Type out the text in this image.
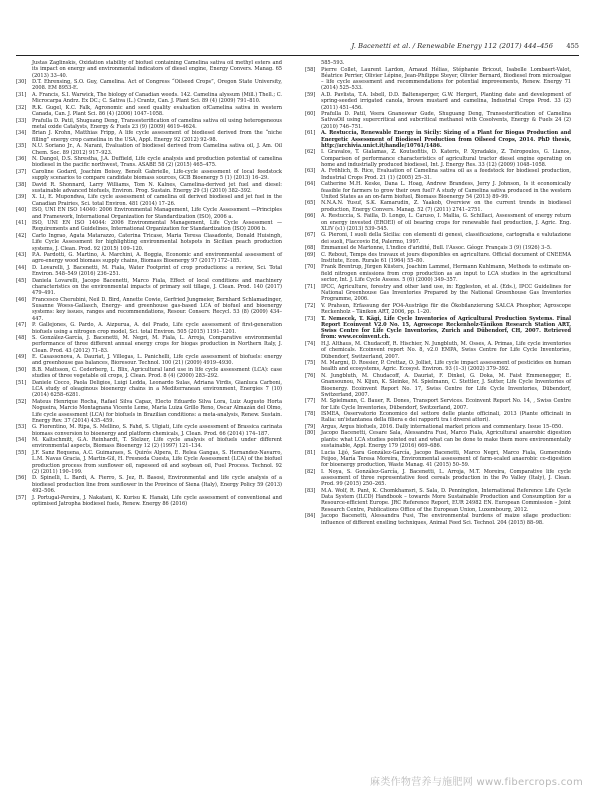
J. Bacenetti et al. / Renewable Energy 112 (2017) 444–456 455
Justas Zaglinskis, Oxidation stability of biofuel containing Camelina sativa oil methyl esters and its impact on energy and environmental indicators of diesel engine, Energy Convers. Manag. 65 (2013) 33–40.
[30]	D.T. Ehrensing, S.O. Guy, Camelina. Act of Congress “Oilseed Crops”, Oregon State University, 2008. EM 8953-E.
[31]	A. Francis, S.I. Warwick, The biology of Canadian weeds. 142. Camelina alyssum (Mill.) Thell.; C. Microcarpa Andrz. Ex DC.; C. Sativa (L.) Crantz, Can. J. Plant Sci. 89 (4) (2009) 791–810.
[32]	R.K. Gugel, K.C. Falk, Agronomic and seed quality evaluation ofCamelina sativa in western Canada, Can. J. Plant Sci. 86 (4) (2006) 1047–1058.
[33]	Prafulla D. Patil, Shuguang Deng, Transesterification of camelina sativa oil using heterogeneous metal oxide Catalysts, Energy & Fuels 23 (9) (2009) 4619–4624.
[34]	Brian J. Krohn, Matthias Fripp, A life cycle assessment of biodiesel derived from the “niche filling” energy crop camelina in the USA, Appl. Energy 92 (2012) 92–98.
[35]	N.U. Soriano Jr., A. Narani, Evaluation of biodiesel derived from Camelina sativa oil, J. Am. Oil Chem. Soc. 89 (2012) 917–923.
[36]	N. Dangol, D.S. Shrestha, J.A. Duffield, Life cycle analysis and production potential of camelina biodiesel in the pacific northwest, Trans. ASABE 58 (2) (2015) 465–475.
[37]	Caroline Godard, Joachim Boissy, Benoît Gabrielle, Life-cycle assessment of local feedstock supply scenarios to compare candidate biomass sources, GCB Bioenergy 5 (1) (2013) 16–29.
[38]	David R. Shonnard, Larry Williams, Tom N. Kalnes, Camelina-derived jet fuel and diesel: sustainable advanced biofuels, Environ. Prog. Sustain. Energy 29 (3) (2010) 382–392.
[39]	X. Li, E. Mupondwa, Life cycle assessment of camelina oil derived biodiesel and jet fuel in the Canadian Prairies, Sci. total Environ. 481 (2014) 17–26.
[40]	ISO, UNI EN ISO 14040: 2006 Environmental Management, Life Cycle Assessment —Principles and Framework, International Organization for Standardization (ISO), 2006 a.
[41]	ISO, UNI EN ISO 14044: 2006 Environmental Management, Life Cycle Assessment —Requirements and Guidelines, International Organization for Standardization (ISO) 2006 b.
[42]	Carlo Ingrao, Agata Matarazzo, Caterina Tricase, Maria Teresa Clasadonte, Donald Huisingh, Life Cycle Assessment for highlighting environmental hotspots in Sicilian peach production systems, J. Clean. Prod. 92 (2015) 109–120.
[43]	P.A. Pardotti, G. Martino, A. Marchini, A. Boggia, Economic and environmental assessment of agro-energy wood biomass supply chains, Biomass Bioenergy 97 (2017) 172–185.
[44]	D. Lovarelli, J. Bacenetti, M. Fiala, Water Footprint of crop productions: a review, Sci. Total Environ. 548–549 (2016) 236–251.
[45]	Daniela Lovarelli, Jacopo Bacenetti, Marco Fiala, Effect of local conditions and machinery characteristics on the environmental impacts of primary soil tillage, J. Clean. Prod. 140 (2017) 479–491.
[46]	Francesco Cherubini, Neil D. Bird, Annette Cowie, Gerfried Jungmeier, Bernhard Schlamadinger, Susanne Woess-Gallasch, Energy- and greenhouse gas-based LCA of biofuel and bioenergy systems: key issues, ranges and recommendations, Resour. Conserv. Recycl. 53 (8) (2009) 434–447.
[47]	P. Gallejones, G. Pardo, A. Aizpurua, A. del Prado, Life cycle assessment of first-generation biofuels using a nitrogen crop model, Sci. total Environ. 505 (2015) 1191–1201.
[48]	S. González-García, J. Bacenetti, M. Negri, M. Fiala, L. Arroja, Comparative environmental performance of three different annual energy crops for biogas production in Northern Italy, J. Clean. Prod. 43 (2012) 71–83.
[49]	E. Casassonova, A. Dauriat, J. Villegas, L. Panichelli, Life cycle assessment of biofuels: energy and greenhouse gas balances, Bioresour. Technol. 100 (21) (2009) 4919–4930.
[50]	B.B. Mattsson, C. Cederberg, L. Blix, Agricultural land use in life cycle assessment (LCA): case studies of three vegetable oil crops, J. Clean. Prod. 8 (4) (2000) 283–292.
[51]	Daniele Cocco, Paola Deligios, Luigi Ledda, Leonardo Sulas, Adriana Virdis, Gianluca Carboni, LCA study of oleaginous bioenergy chains in a Mediterranean environment, Energies 7 (10) (2014) 6258–6281.
[52]	Mateus Henrique Rocha, Rafael Silva Capaz, Electo Eduardo Silva Lora, Luiz Augusto Horta Nogueira, Marcio Montagnana Vicente Leme, Maria Luiza Grillo Reno, Oscar Almazán del Olmo, Life cycle assessment (LCA) for biofuels in Brazilian conditions: a meta-analysis, Renew. Sustain. Energy Rev. 37 (2014) 435–459.
[53]	G. Fiorentino, M. Ripa, S. Mellino, S. Fahd, S. Ulgiati, Life cycle assessment of Brassica carinata biomass conversion to bioenergy and platform chemicals, J. Clean. Prod. 66 (2014) 174–187.
[54]	M. Kaltschmitt, G.A. Reinhardt, T. Stelzer, Life cycle analysis of biofuels under different environmental aspects, Biomass Bioenergy 12 (2) (1997) 121–134.
[55]	J.F. Sanz Requena, A.C. Guimaraes, S. Quirós Alpera, E. Relea Gangas, S. Hernandez-Navarro, L.M. Navas Gracia, J. Martin-Gil, H. Fresneda Cuesta, Life Cycle Assessment (LCA) of the biofuel production process from sunflower oil, rapeseed oil and soybean oil, Fuel Process. Technol. 92 (2) (2011) 190–199.
[56]	D. Spinelli, L. Bardi, A. Fierro, S. Jez, R. Basosi, Environmental and life cycle analysis of a biodiesel production line from sunflower in the Province of Siena (Italy), Energy Policy 59 (2013) 492–506.
[57]	J. Portugal-Pereira, J. Nakatani, K. Kurisu K. Hanaki, Life cycle assessment of conventional and optimised Jatropha biodiesel fuels, Renew. Energy 86 (2016)
585–593.
[58]	Pierre Collet, Laurent Lardon, Arnaud Hélias, Stéphanie Bricout, Isabelle Lombaert-Valot, Béatrice Perrier, Olivier Lépine, Jean-Philippe Steyer, Olivier Bernard, Biodiesel from microalgae – life cycle assessment and recommendations for potential improvements, Renew. Energy 71 (2014) 525–533.
[59]	A.D. Pavlista, T.A. Isbell, D.D. Baltensperger, G.W. Hergert, Planting date and development of spring-seeded irrigated canola, brown mustard and camelina, Industrial Crops Prod. 33 (2) (2011) 451–456.
[60]	Prafulla D. Patil, Veera Gnaneswar Gude, Shuguang Deng, Transesterification of Camelina SativaOil using supercritical and subcritical methanol with Cosolvents, Energy & Fuels 24 (2) (2010) 746–751.
[61]	A. Restuccia, Renewable Energy in Sicily: Sizing of a Plant for Biogas Production and Energetic Assessment of Biodiesel Production from Oilseed Crops, 2014. PhD thesis, http://archivia.unict.it/handle/10761/1486.
[62]	I. Gravalos, T. Gialamas, Z. Koutsofitis, D. Kateris, P. Xyradakis, Z. Tsiropoulos, G. Lianos, Comparison of performance characteristics of agricultural tractor diesel engine operating on home and industrially produced biodiesel, Int. J. Energy Res. 33 (12) (2009) 1048–1058.
[63]	A. Fröhlich, B. Rice, Evaluation of Camelina sativa oil as a feedstock for biodiesel production, Industrial Crops Prod. 21 (1) (2005) 25–31.
[64]	Catherine M.H. Keske, Dana L. Hoag, Andrew Brandess, Jerry J. Johnson, Is it economically feasible for farmers to grow their own fuel? A study of Camelina sativa produced in the western United States as an on-farm biofuel, Biomass Bioenergy 54 (2013) 89–99.
[65]	N.N.A.N. Yusuf, S.K. Kamarudin, Z. Yaakob, Overview on the current trends in biodiesel production, Energy Convers. Manag. 52 (7) (2011) 2741–2751.
[66]	A. Restuccia, S. Failla, D. Longo, L. Caruso, I. Mallia, G. Schillaci, Assessment of energy return on energy invested (EROEI) of oil bearing crops for renewable fuel production, J. Agric. Eng. XLIV (s1) (2013) 539–545.
[67]	G. Pieroni, I suoli della Sicilia: con elementi di genesi, classificazione, cartografia e valutazione dei suoli, Flaccovio Ed, Palermo, 1997.
[68]	Emmanuel de Martonne, L'indice d'aridité, Bull. l'Assoc. Géogr. Français 3 (9) (1926) 3–5.
[69]	C. Rebout, Temps des travaux et jours disponibles en agriculture. Official document of CNEEMA Institute, Econ. Rurale 61 (1964) 55–80.
[70]	Frank Brentrup, Jürgen Küsters, Joachim Lammel, Hermann Kuhlmann, Methods to estimate on-field nitrogen emissions from crop production as an input to LCA studies in the agricultural sector, Int. J. Life Cycle Assess. 5 (6) (2000) 349–357.
[71]	IPCC, Agriculture, forestry and other land use, in: Eggleston, et al. (Eds.), IPCC Guidelines for National Greenhouse Gas Inventories Prepared by the National Greenhouse Gas Inventories Programme, 2006.
[72]	V. Prahsun, Erfassung der PO4-Austräge für die Ökobilanzierung SALCA Phosphor, Agroscope Reckenholz – Tänikon ART, 2006, pp. 1–20.
[73]	T. Nemecek, T. Kägi, Life Cycle Inventories of Agricultural Production Systems. Final Report Ecoinvent V2.0 No. 15, Agroscope Reckenholz-Tänikon Research Station ART, Swiss Centre for Life Cycle Inventories, Zurich and Dübendorf, CH, 2007. Retrieved from: www.ecoinvent.ch.
[74]	H.J. Althaus, M. Chudacoff, R. Hischier, N. Jungbluth, M. Osses, A. Primas, Life cycle inventories of chemicals. Ecoinvent report No. 8, v2.0 EMPA, Swiss Centre for Life Cycle Inventories, Dübendorf, Switzerland, 2007.
[75]	M. Margni, D. Rossier, P. Crettaz, O. Jolliet, Life cycle impact assessment of pesticides on human health and ecosystems, Agric. Ecosyst. Environ. 93 (1–3) (2002) 379–392.
[76]	N. Jungbluth, M. Chudacoff, A. Dauriat, F. Dinkel, G. Doka, M. Faist Emmenegger, E. Gnansounou, N. Kljun, K. Sleinke, M. Spielmann, C. Stettler, J. Sutter, Life Cycle Inventories of Bioenergy. Ecoinvent Report No. 17, Swiss Centre for Life Cycle Inventories, Dübendorf, Switzerland, 2007.
[77]	M. Spielmann, C. Bauer, R. Dones, Transport Services. Ecoinvent Report No. 14, , Swiss Centre for Life Cycle Inventories, Dübendorf, Switzerland, 2007.
[78]	ISMEA, Osservatorio Economico del settore delle piante officinali, 2013 (Piante officinali in Italia: un'istantanea della filiera e dei rapporti tra i diversi attori).
[79]	Argus, Argus biofuels, 2016. Daily international market prices and commentary. Issue 15–050.
[80]	Jacopo Bacenetti, Cesare Sala, Alessandra Fusi, Marco Fiala, Agricultural anaerobic digestion plants: what LCA studies pointed out and what can be done to make them more environmentally sustainable, Appl. Energy 179 (2016) 669–686.
[81]	Lucia Lijó, Sara González-García, Jacopo Bacenetti, Marco Negri, Marco Fiala, Gumersindo Feijoo, María Teresa Moreira, Environmental assessment of farm-scaled anaerobic co-digestion for bioenergy production, Waste Manag. 41 (2015) 50–59.
[82]	I. Noya, S. González-García, J. Bacenetti, L. Arroja, M.T. Moreira, Comparative life cycle assessment of three representative feed cereals production in the Po Valley (Italy), J. Clean. Prod. 99 (2015) 250–265.
[83]	M.A. Wolf, R. Pant, K. Chomkhamsri, S. Sala, D. Pennington, International Reference Life Cycle Data System (ILCD) Handbook – towards More Sustainable Production and Consumption for a Resource-efficient Europe. JRC Reference Report, EUR 24982 EN. European Commission – Joint Research Centre, Publications Office of the European Union, Luxembourg, 2012.
[84]	Jacopo Bacenetti, Alessandra Fusi, The environmental burdens of maize silage production: influence of different ensiling techniques, Animal Feed Sci. Technol. 204 (2015) 88–98.
麻类作物营养与施肥网 www.fibercrops.com
